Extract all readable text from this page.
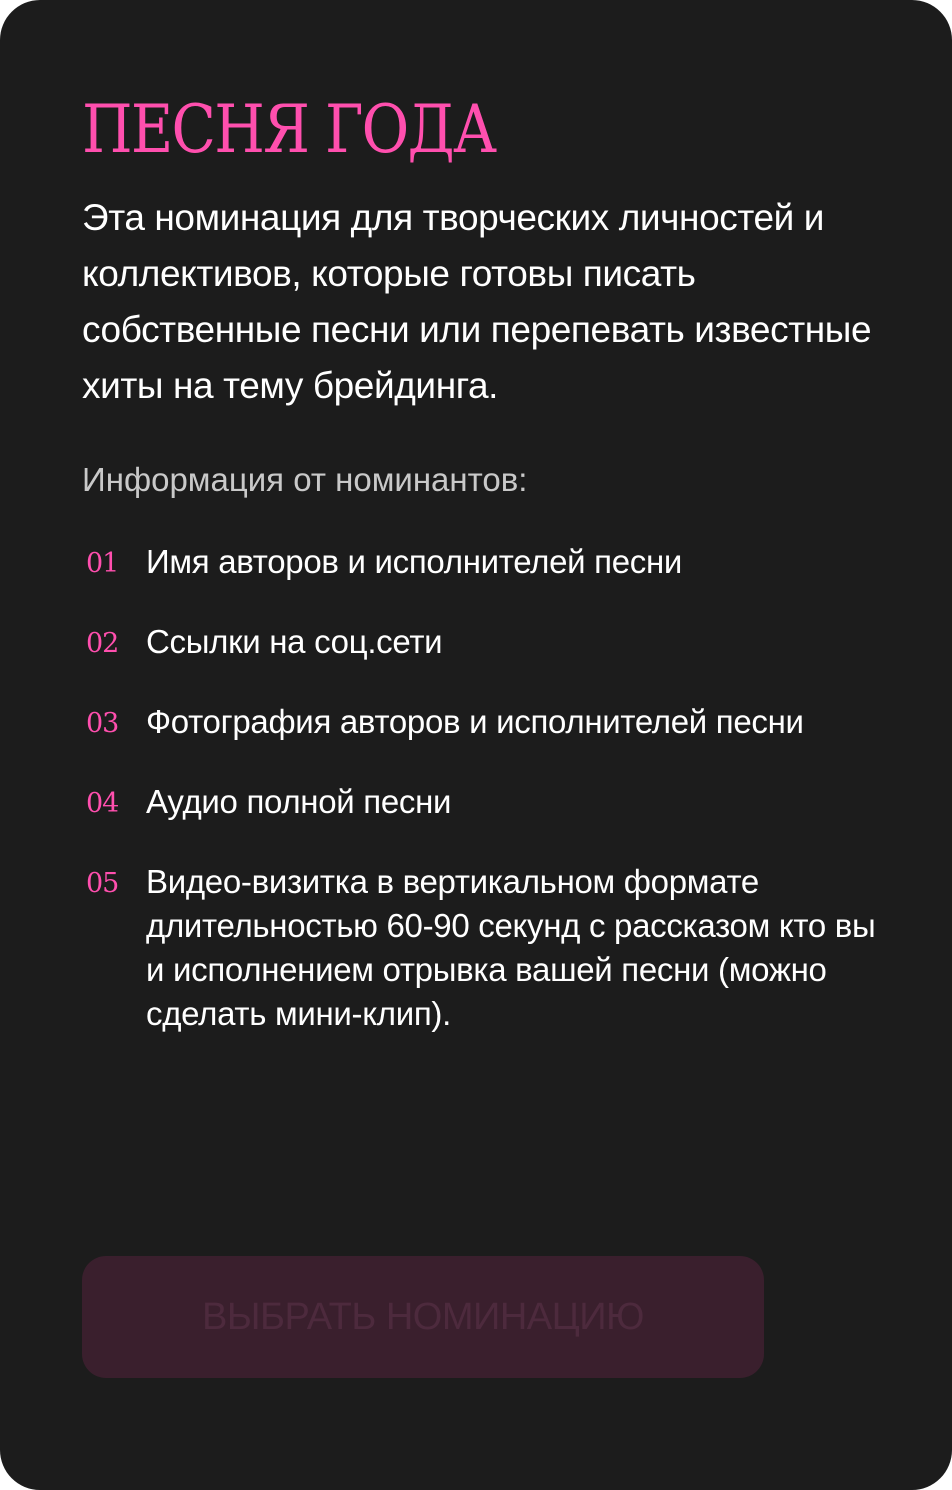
ПЕСНЯ ГОДА

Эта номинация для творческих личностей и коллективов, которые готовы писать собственные песни или перепевать известные хиты на тему брейдинга.

Информация от номинантов:

01 Имя авторов и исполнителей песни
02 Ссылки на соц.сети
03 Фотография авторов и исполнителей песни
04 Аудио полной песни
05 Видео-визитка в вертикальном формате длительностью 60-90 секунд с рассказом кто вы и исполнением отрывка вашей песни (можно сделать мини-клип).
ВЫБРАТЬ НОМИНАЦИЮ
